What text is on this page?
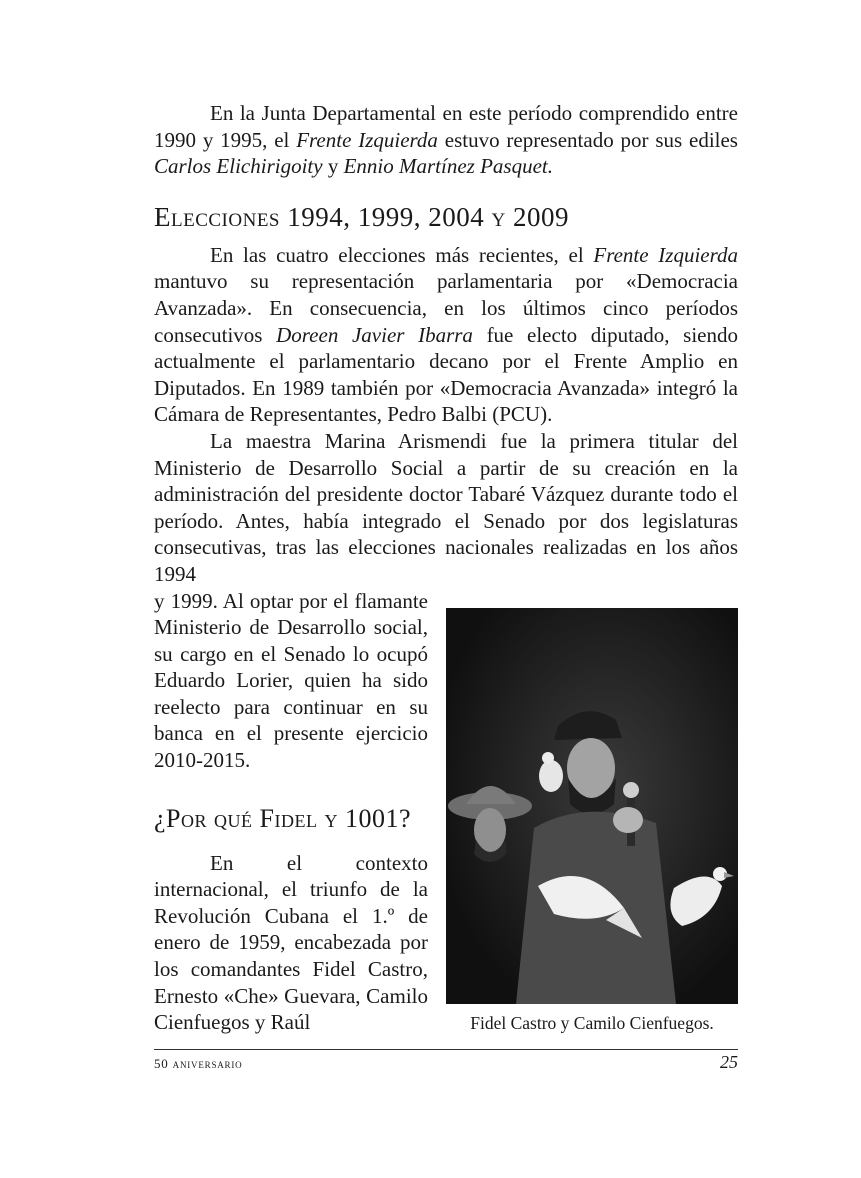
En la Junta Departamental en este período comprendido entre 1990 y 1995, el Frente Izquierda estuvo representado por sus ediles Carlos Elichirigoity y Ennio Martínez Pasquet.

Elecciones 1994, 1999, 2004 y 2009

En las cuatro elecciones más recientes, el Frente Izquierda mantuvo su representación parlamentaria por «Democracia Avanzada». En consecuencia, en los últimos cinco períodos consecutivos Doreen Javier Ibarra fue electo diputado, siendo actualmente el parlamentario decano por el Frente Amplio en Diputados. En 1989 también por «Democracia Avanzada» integró la Cámara de Representantes, Pedro Balbi (PCU).

La maestra Marina Arismendi fue la primera titular del Ministerio de Desarrollo Social a partir de su creación en la administración del presidente doctor Tabaré Vázquez durante todo el período. Antes, había integrado el Senado por dos legislaturas consecutivas, tras las elecciones nacionales realizadas en los años 1994

y 1999. Al optar por el flamante Ministerio de Desarrollo social, su cargo en el Senado lo ocupó Eduardo Lorier, quien ha sido reelecto para continuar en su banca en el presente ejercicio 2010-2015.

¿Por qué Fidel y 1001?

En el contexto internacional, el triunfo de la Revolución Cubana el 1.º de enero de 1959, encabezada por los comandantes Fidel Castro, Ernesto «Che» Guevara, Camilo Cienfuegos y Raúl	Fidel Castro y Camilo Cienfuegos.
50 aniversario	25
